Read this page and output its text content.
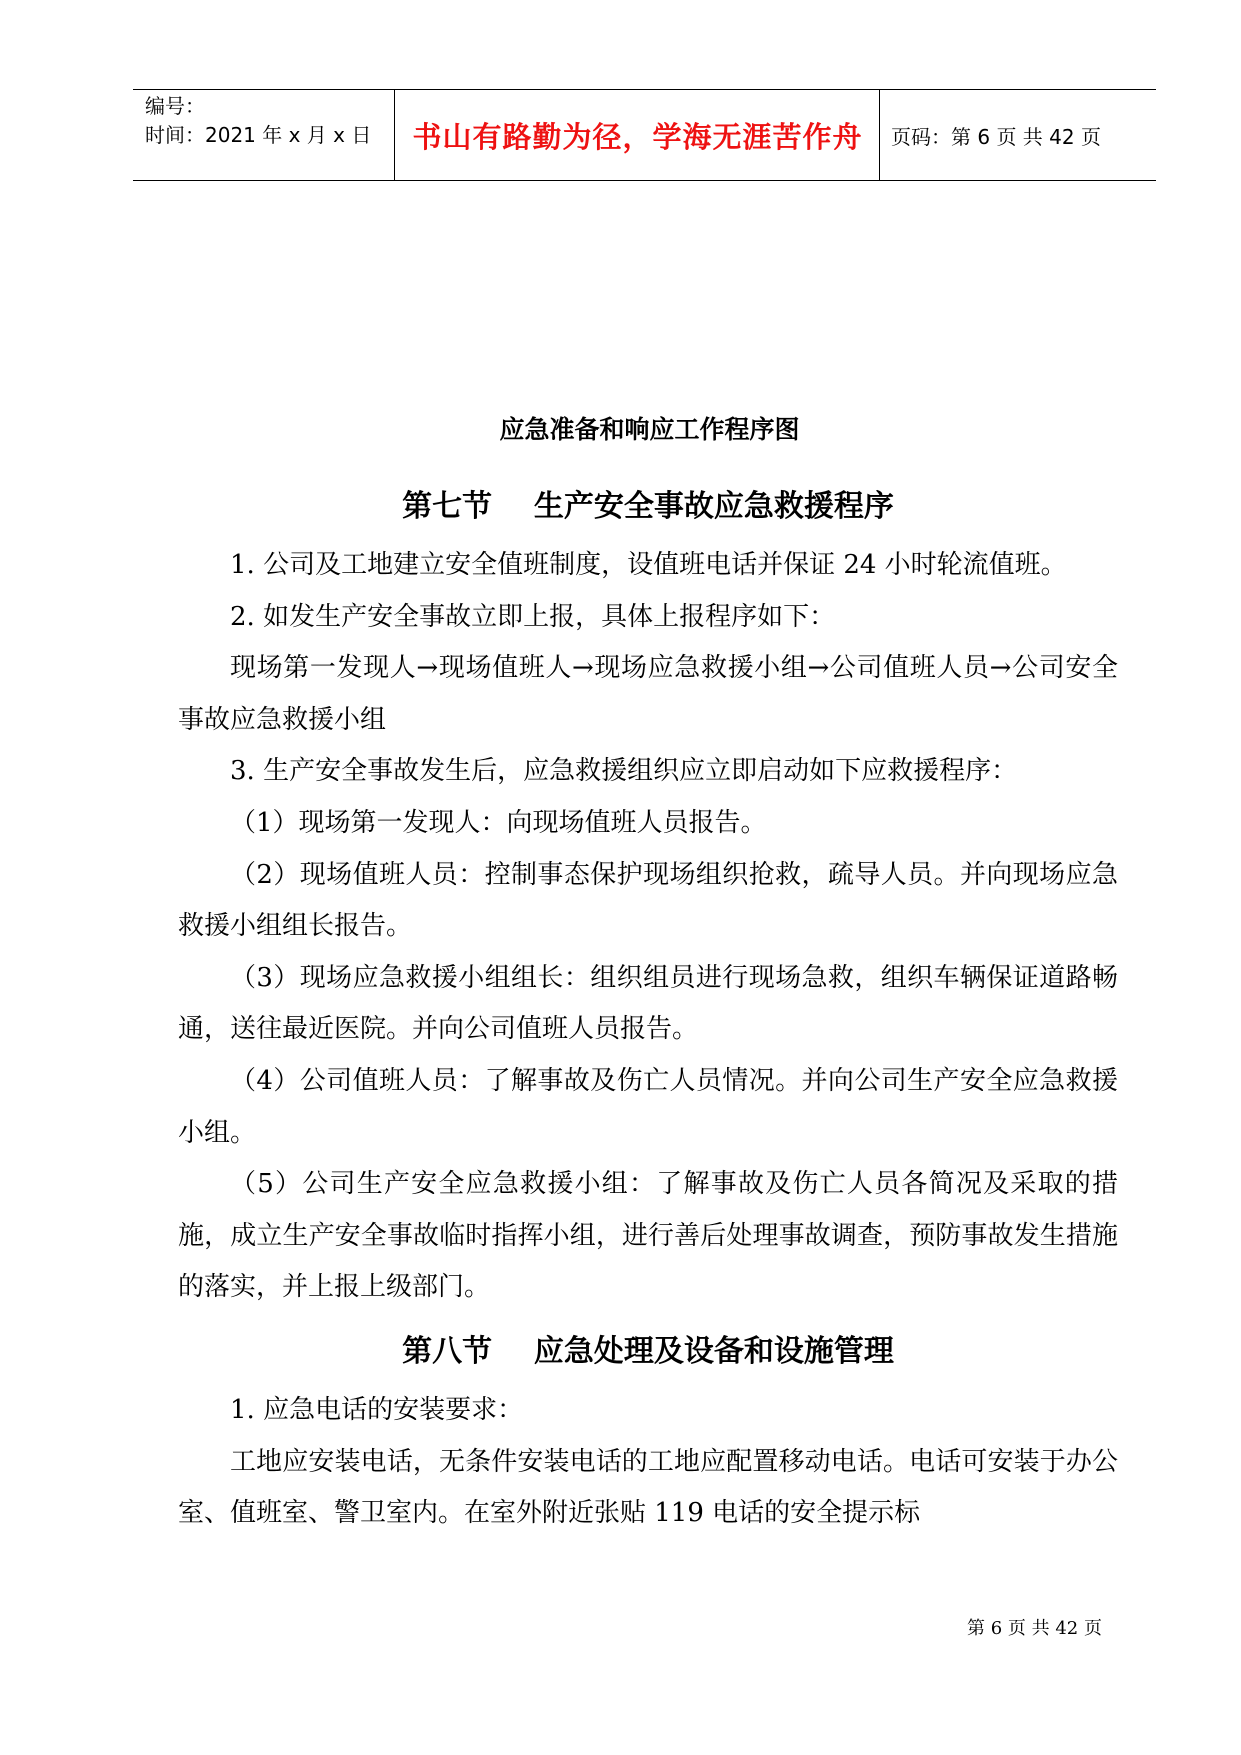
编号：
时间：2021 年 x 月 x 日	书山有路勤为径，学海无涯苦作舟	页码：第 6 页 共 42 页
应急准备和响应工作程序图
第七节    生产安全事故应急救援程序

1. 公司及工地建立安全值班制度，设值班电话并保证 24 小时轮流值班。

2. 如发生产安全事故立即上报，具体上报程序如下：

现场第一发现人→现场值班人→现场应急救援小组→公司值班人员→公司安全事故应急救援小组

3. 生产安全事故发生后，应急救援组织应立即启动如下应救援程序：

（1）现场第一发现人：向现场值班人员报告。

（2）现场值班人员：控制事态保护现场组织抢救，疏导人员。并向现场应急救援小组组长报告。

（3）现场应急救援小组组长：组织组员进行现场急救，组织车辆保证道路畅通，送往最近医院。并向公司值班人员报告。

（4）公司值班人员：了解事故及伤亡人员情况。并向公司生产安全应急救援小组。

（5）公司生产安全应急救援小组：了解事故及伤亡人员各简况及采取的措施，成立生产安全事故临时指挥小组，进行善后处理事故调查，预防事故发生措施的落实，并上报上级部门。

第八节    应急处理及设备和设施管理

1. 应急电话的安装要求：

工地应安装电话，无条件安装电话的工地应配置移动电话。电话可安装于办公室、值班室、警卫室内。在室外附近张贴 119 电话的安全提示标

第 6 页 共 42 页
